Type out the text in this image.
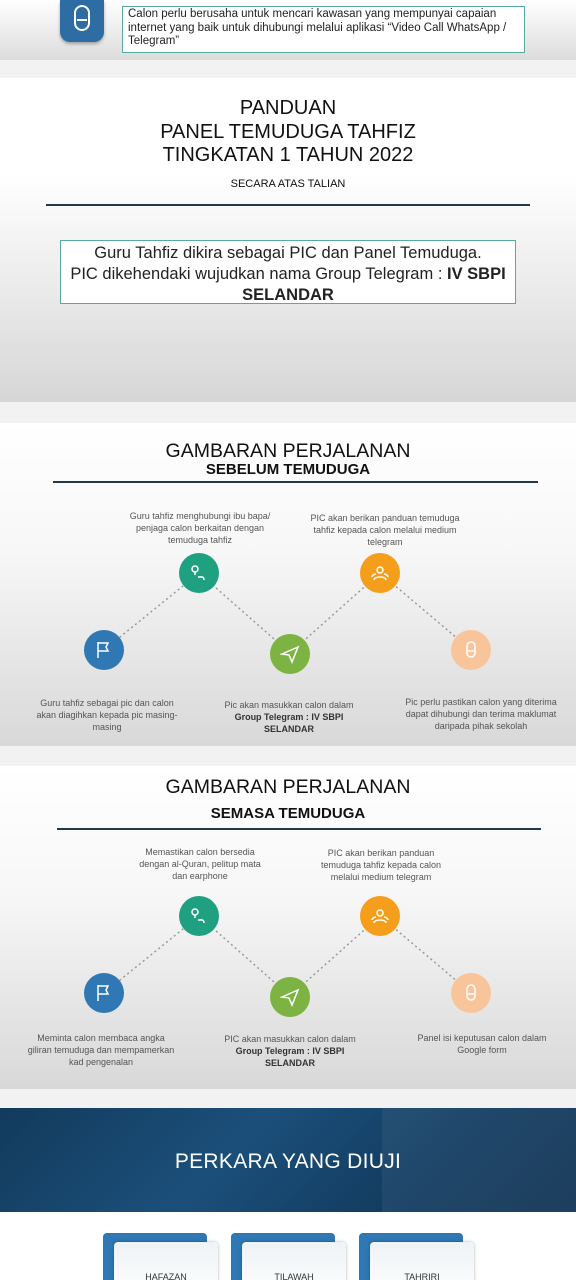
Calon perlu berusaha untuk mencari kawasan yang mempunyai capaian internet yang baik untuk dihubungi melalui aplikasi “Video Call WhatsApp / Telegram”
PANDUAN
PANEL TEMUDUGA TAHFIZ
TINGKATAN 1 TAHUN 2022
SECARA ATAS TALIAN
Guru Tahfiz dikira sebagai PIC dan Panel Temuduga.
PIC dikehendaki wujudkan nama Group Telegram : IV SBPI
SELANDAR
GAMBARAN PERJALANAN
SEBELUM TEMUDUGA
Guru tahfiz sebagai pic dan calon akan diagihkan kepada pic masing-masing
Guru tahfiz menghubungi ibu bapa/ penjaga calon berkaitan dengan temuduga tahfiz
Pic akan masukkan calon dalam
Group Telegram : IV SBPI SELANDAR
PIC akan berikan panduan temuduga tahfiz kepada calon melalui medium telegram
Pic perlu pastikan calon yang diterima dapat dihubungi dan terima maklumat daripada pihak sekolah
GAMBARAN PERJALANAN
SEMASA TEMUDUGA
Meminta calon membaca angka giliran temuduga dan mempamerkan kad pengenalan
Memastikan calon bersedia dengan al-Quran, pelitup mata dan earphone
PIC akan masukkan calon dalam
Group Telegram : IV SBPI SELANDAR
PIC akan berikan panduan temuduga tahfiz kepada calon melalui medium telegram
Panel isi keputusan calon dalam Google form
PERKARA YANG DIUJI
HAFAZAN	TILAWAH	TAHRIRI
